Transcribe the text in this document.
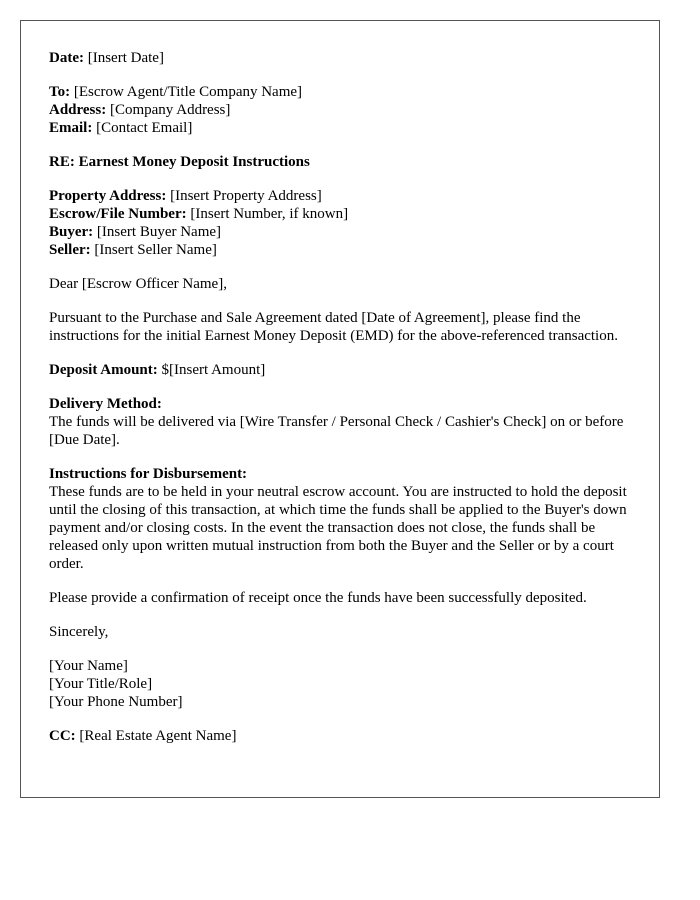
Date: [Insert Date]
To: [Escrow Agent/Title Company Name]
Address: [Company Address]
Email: [Contact Email]
RE: Earnest Money Deposit Instructions
Property Address: [Insert Property Address]
Escrow/File Number: [Insert Number, if known]
Buyer: [Insert Buyer Name]
Seller: [Insert Seller Name]
Dear [Escrow Officer Name],
Pursuant to the Purchase and Sale Agreement dated [Date of Agreement], please find the instructions for the initial Earnest Money Deposit (EMD) for the above-referenced transaction.
Deposit Amount: $[Insert Amount]
Delivery Method:
The funds will be delivered via [Wire Transfer / Personal Check / Cashier's Check] on or before [Due Date].
Instructions for Disbursement:
These funds are to be held in your neutral escrow account. You are instructed to hold the deposit until the closing of this transaction, at which time the funds shall be applied to the Buyer's down payment and/or closing costs. In the event the transaction does not close, the funds shall be released only upon written mutual instruction from both the Buyer and the Seller or by a court order.
Please provide a confirmation of receipt once the funds have been successfully deposited.
Sincerely,
[Your Name]
[Your Title/Role]
[Your Phone Number]
CC: [Real Estate Agent Name]
